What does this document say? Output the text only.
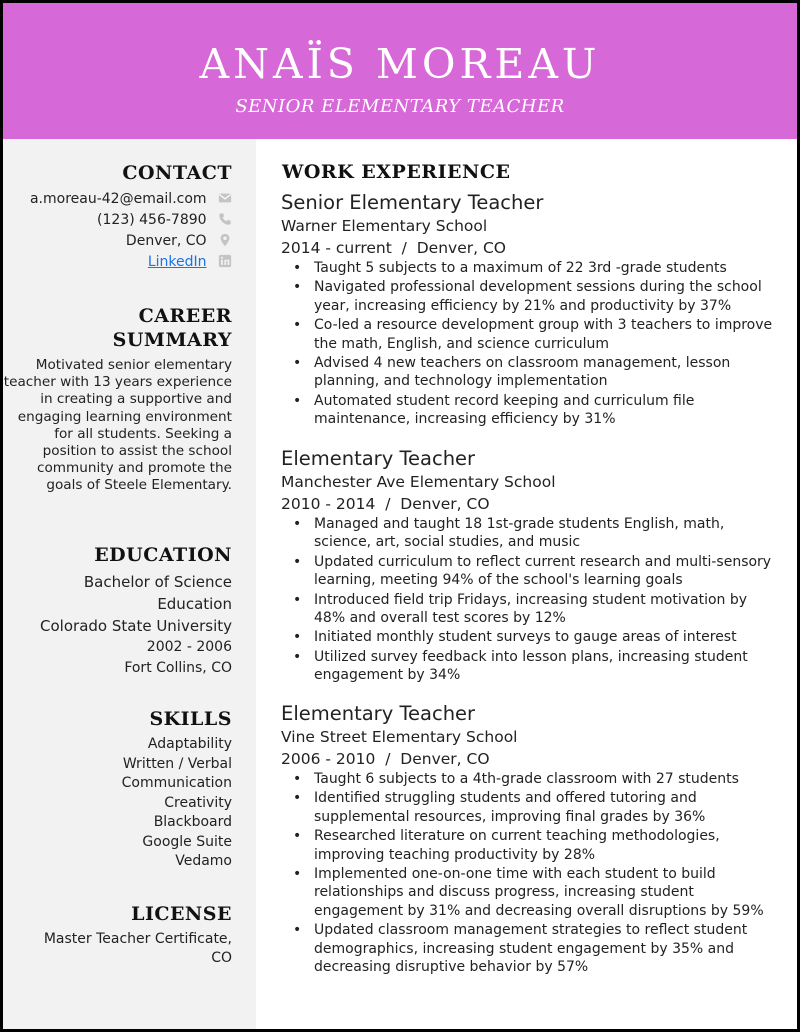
ANAÏS MOREAU
SENIOR ELEMENTARY TEACHER
CONTACT
a.moreau-42@email.com
(123) 456-7890
Denver, CO
LinkedIn
CAREER
SUMMARY
Motivated senior elementary teacher with 13 years experience in creating a supportive and engaging learning environment for all students. Seeking a position to assist the school community and promote the goals of Steele Elementary.
EDUCATION
Bachelor of Science
Education
Colorado State University
2002 - 2006
Fort Collins, CO
SKILLS
Adaptability
Written / Verbal
Communication
Creativity
Blackboard
Google Suite
Vedamo
LICENSE
Master Teacher Certificate,
CO
WORK EXPERIENCE
Senior Elementary Teacher
Warner Elementary School
2014 - current  /  Denver, CO
• Taught 5 subjects to a maximum of 22 3rd -grade students
• Navigated professional development sessions during the school year, increasing efficiency by 21% and productivity by 37%
• Co-led a resource development group with 3 teachers to improve the math, English, and science curriculum
• Advised 4 new teachers on classroom management, lesson planning, and technology implementation
• Automated student record keeping and curriculum file maintenance, increasing efficiency by 31%
Elementary Teacher
Manchester Ave Elementary School
2010 - 2014  /  Denver, CO
• Managed and taught 18 1st-grade students English, math, science, art, social studies, and music
• Updated curriculum to reflect current research and multi-sensory learning, meeting 94% of the school's learning goals
• Introduced field trip Fridays, increasing student motivation by 48% and overall test scores by 12%
• Initiated monthly student surveys to gauge areas of interest
• Utilized survey feedback into lesson plans, increasing student engagement by 34%
Elementary Teacher
Vine Street Elementary School
2006 - 2010  /  Denver, CO
• Taught 6 subjects to a 4th-grade classroom with 27 students
• Identified struggling students and offered tutoring and supplemental resources, improving final grades by 36%
• Researched literature on current teaching methodologies, improving teaching productivity by 28%
• Implemented one-on-one time with each student to build relationships and discuss progress, increasing student engagement by 31% and decreasing overall disruptions by 59%
• Updated classroom management strategies to reflect student demographics, increasing student engagement by 35% and decreasing disruptive behavior by 57%
